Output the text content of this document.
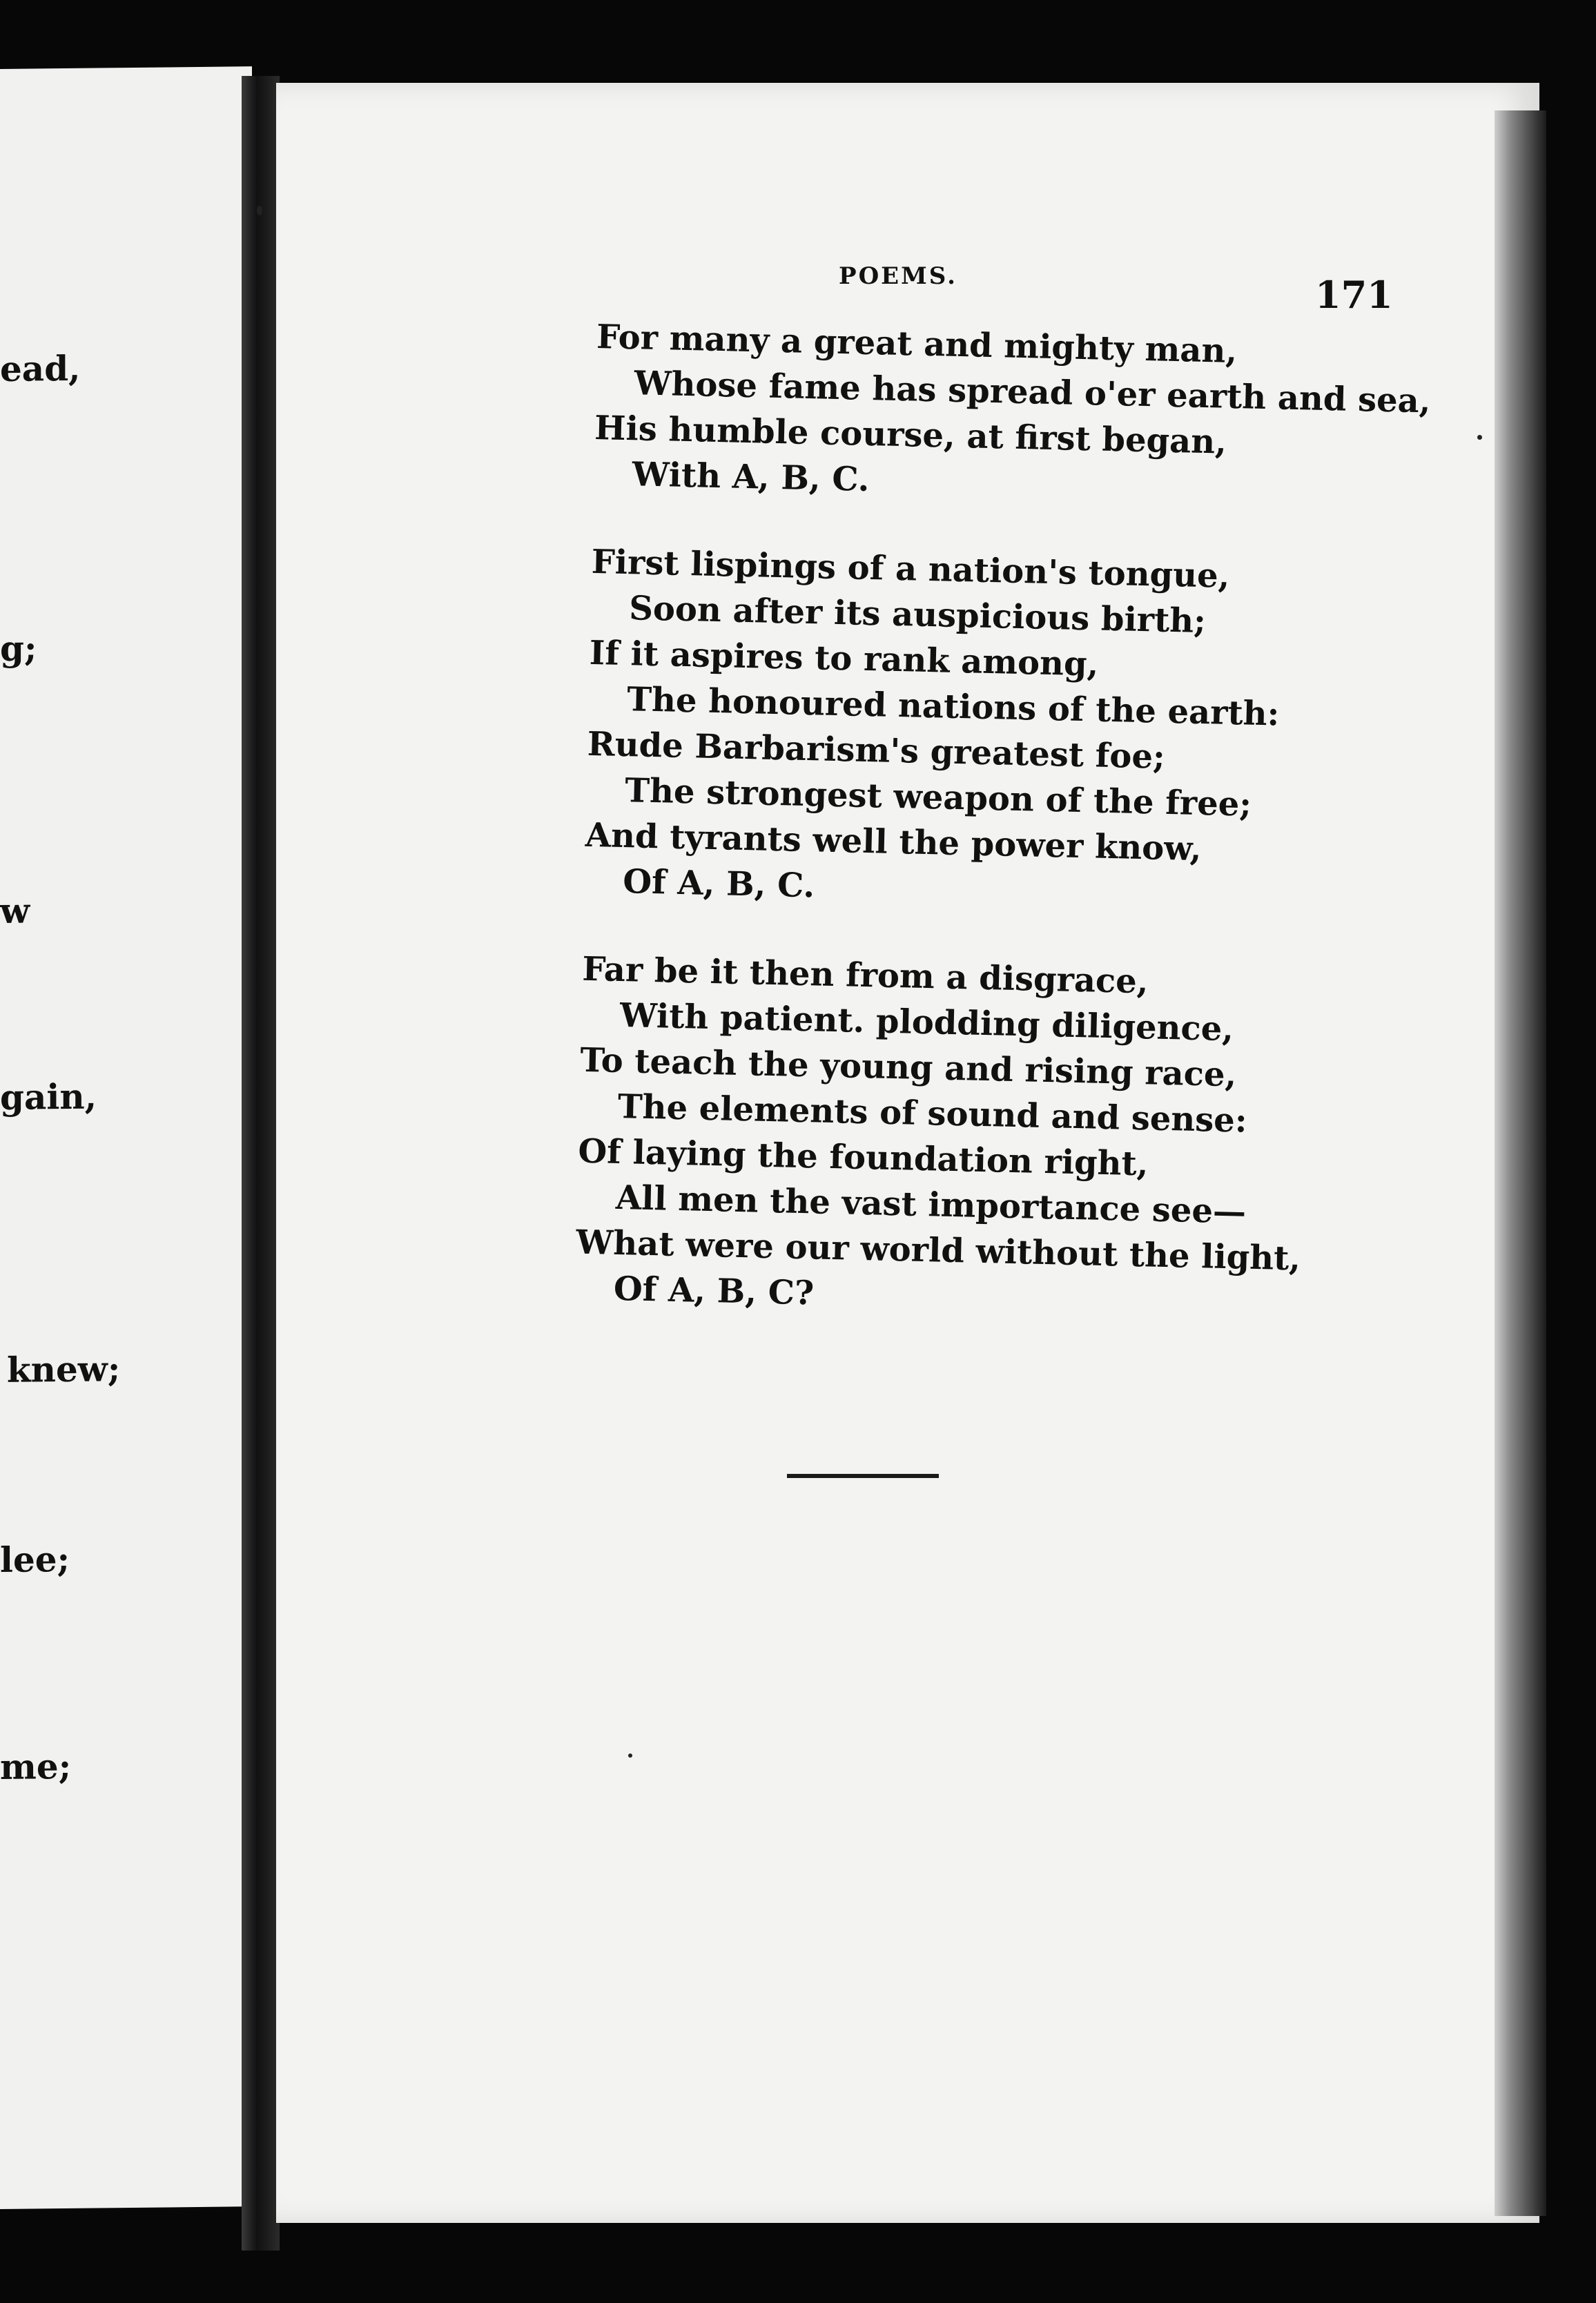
ead,
g;
w
gain,
knew;
lee;
me;
POEMS.	171
For many a great and mighty man,
Whose fame has spread o'er earth and sea,
His humble course, at first began,
With A, B, C.
First lispings of a nation's tongue,
Soon after its auspicious birth;
If it aspires to rank among,
The honoured nations of the earth:
Rude Barbarism's greatest foe;
The strongest weapon of the free;
And tyrants well the power know,
Of A, B, C.
Far be it then from a disgrace,
With patient. plodding diligence,
To teach the young and rising race,
The elements of sound and sense:
Of laying the foundation right,
All men the vast importance see—
What were our world without the light,
Of A, B, C?
